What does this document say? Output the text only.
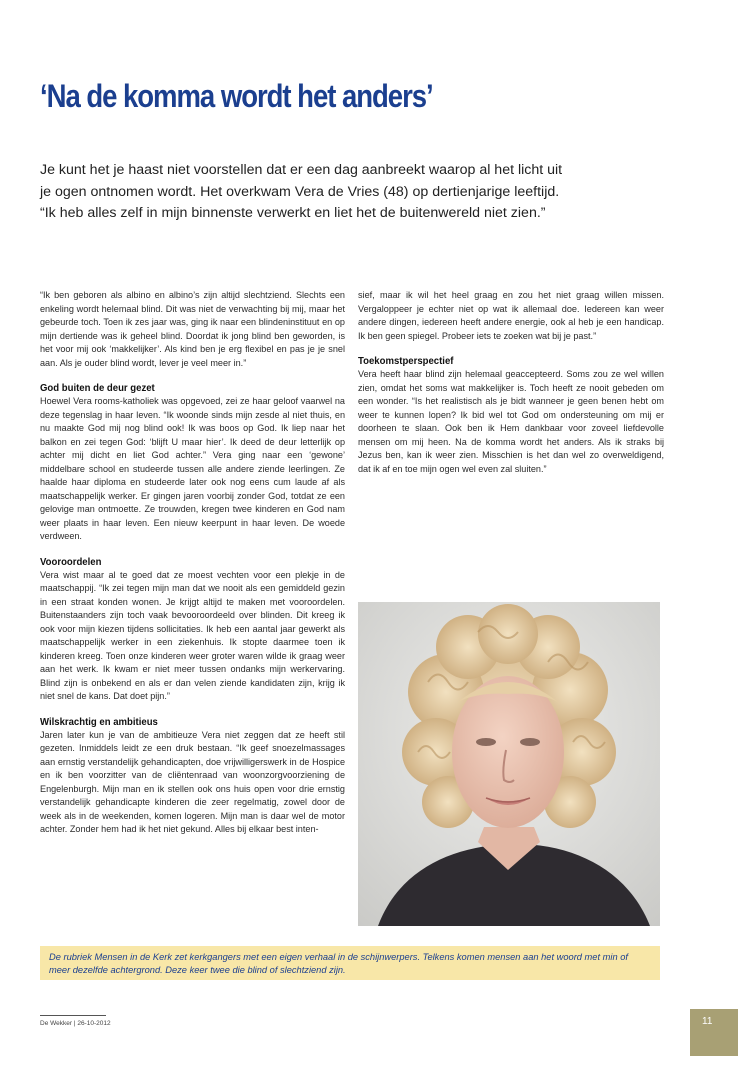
‘Na de komma wordt het anders’

Je kunt het je haast niet voorstellen dat er een dag aanbreekt waarop al het licht uit

je ogen ontnomen wordt. Het overkwam Vera de Vries (48) op dertienjarige leeftijd.

“Ik heb alles zelf in mijn binnenste verwerkt en liet het de buitenwereld niet zien.”

“Ik ben geboren als albino en albino’s zijn altijd slechtziend. Slechts een enkeling wordt helemaal blind. Dit was niet de verwachting bij mij, maar het gebeurde toch. Toen ik zes jaar was, ging ik naar een blindeninstituut en op mijn dertiende was ik geheel blind. Doordat ik jong blind ben geworden, is het voor mij ook ‘makkelijker’. Als kind ben je erg flexibel en pas je je snel aan. Als je ouder blind wordt, lever je veel meer in.”

God buiten de deur gezet

Hoewel Vera rooms-katholiek was opgevoed, zei ze haar geloof vaarwel na deze tegenslag in haar leven. “Ik woonde sinds mijn zesde al niet thuis, en nu maakte God mij nog blind ook! Ik was boos op God. Ik liep naar het balkon en zei tegen God: ‘blijft U maar hier’. Ik deed de deur letterlijk op achter mij dicht en liet God achter.” Vera ging naar een ‘gewone’ middelbare school en studeerde tussen alle andere ziende leerlingen. Ze haalde haar diploma en studeerde later ook nog eens cum laude af als maatschappelijk werker. Er gingen jaren voorbij zonder God, totdat ze een gelovige man ontmoette. Ze trouwden, kregen twee kinderen en God nam weer plaats in haar leven. Een nieuw keerpunt in haar leven. De woede verdween.

Vooroordelen

Vera wist maar al te goed dat ze moest vechten voor een plekje in de maatschappij. “Ik zei tegen mijn man dat we nooit als een gemiddeld gezin in een straat konden wonen. Je krijgt altijd te maken met vooroordelen. Buitenstaanders zijn toch vaak bevooroordeeld over blinden. Dit kreeg ik ook voor mijn kiezen tijdens sollicitaties. Ik heb een aantal jaar gewerkt als maatschappelijk werker in een ziekenhuis. Ik stopte daarmee toen ik kinderen kreeg. Toen onze kinderen weer groter waren wilde ik graag weer aan het werk. Ik kwam er niet meer tussen ondanks mijn werkervaring. Blind zijn is onbekend en als er dan velen ziende kandidaten zijn, krijg ik niet snel de kans. Dat doet pijn.”

Wilskrachtig en ambitieus

Jaren later kun je van de ambitieuze Vera niet zeggen dat ze heeft stil gezeten. Inmiddels leidt ze een druk bestaan. “Ik geef snoezelmassages aan ernstig verstandelijk gehandicapten, doe vrijwilligerswerk in de Hospice en ik ben voorzitter van de cliëntenraad van woonzorgvoorziening de Engelenburgh. Mijn man en ik stellen ook ons huis open voor drie ernstig verstandelijk gehandicapte kinderen die zeer regelmatig, zowel door de week als in de weekenden, komen logeren. Mijn man is daar wel de motor achter. Zonder hem had ik het niet gekund. Alles bij elkaar best inten-

sief, maar ik wil het heel graag en zou het niet graag willen missen. Vergaloppeer je echter niet op wat ik allemaal doe. Iedereen kan weer andere dingen, iedereen heeft andere energie, ook al heb je een handicap. Ik ben geen spiegel. Probeer iets te zoeken wat bij je past.”

Toekomstperspectief

Vera heeft haar blind zijn helemaal geaccepteerd. Soms zou ze wel willen zien, omdat het soms wat makkelijker is. Toch heeft ze nooit gebeden om een wonder. “Is het realistisch als je bidt wanneer je geen benen hebt om weer te kunnen lopen? Ik bid wel tot God om ondersteuning om mij er doorheen te slaan. Ook ben ik Hem dankbaar voor zoveel liefdevolle mensen om mij heen. Na de komma wordt het anders. Als ik straks bij Jezus ben, kan ik weer zien. Misschien is het dan wel zo overweldigend, dat ik af en toe mijn ogen wel even zal sluiten.”

De rubriek Mensen in de Kerk zet kerkgangers met een eigen verhaal in de schijnwerpers. Telkens komen mensen aan het woord met min of meer dezelfde achtergrond. Deze keer twee die blind of slechtziend zijn.
De Wekker | 26-10-2012	11
